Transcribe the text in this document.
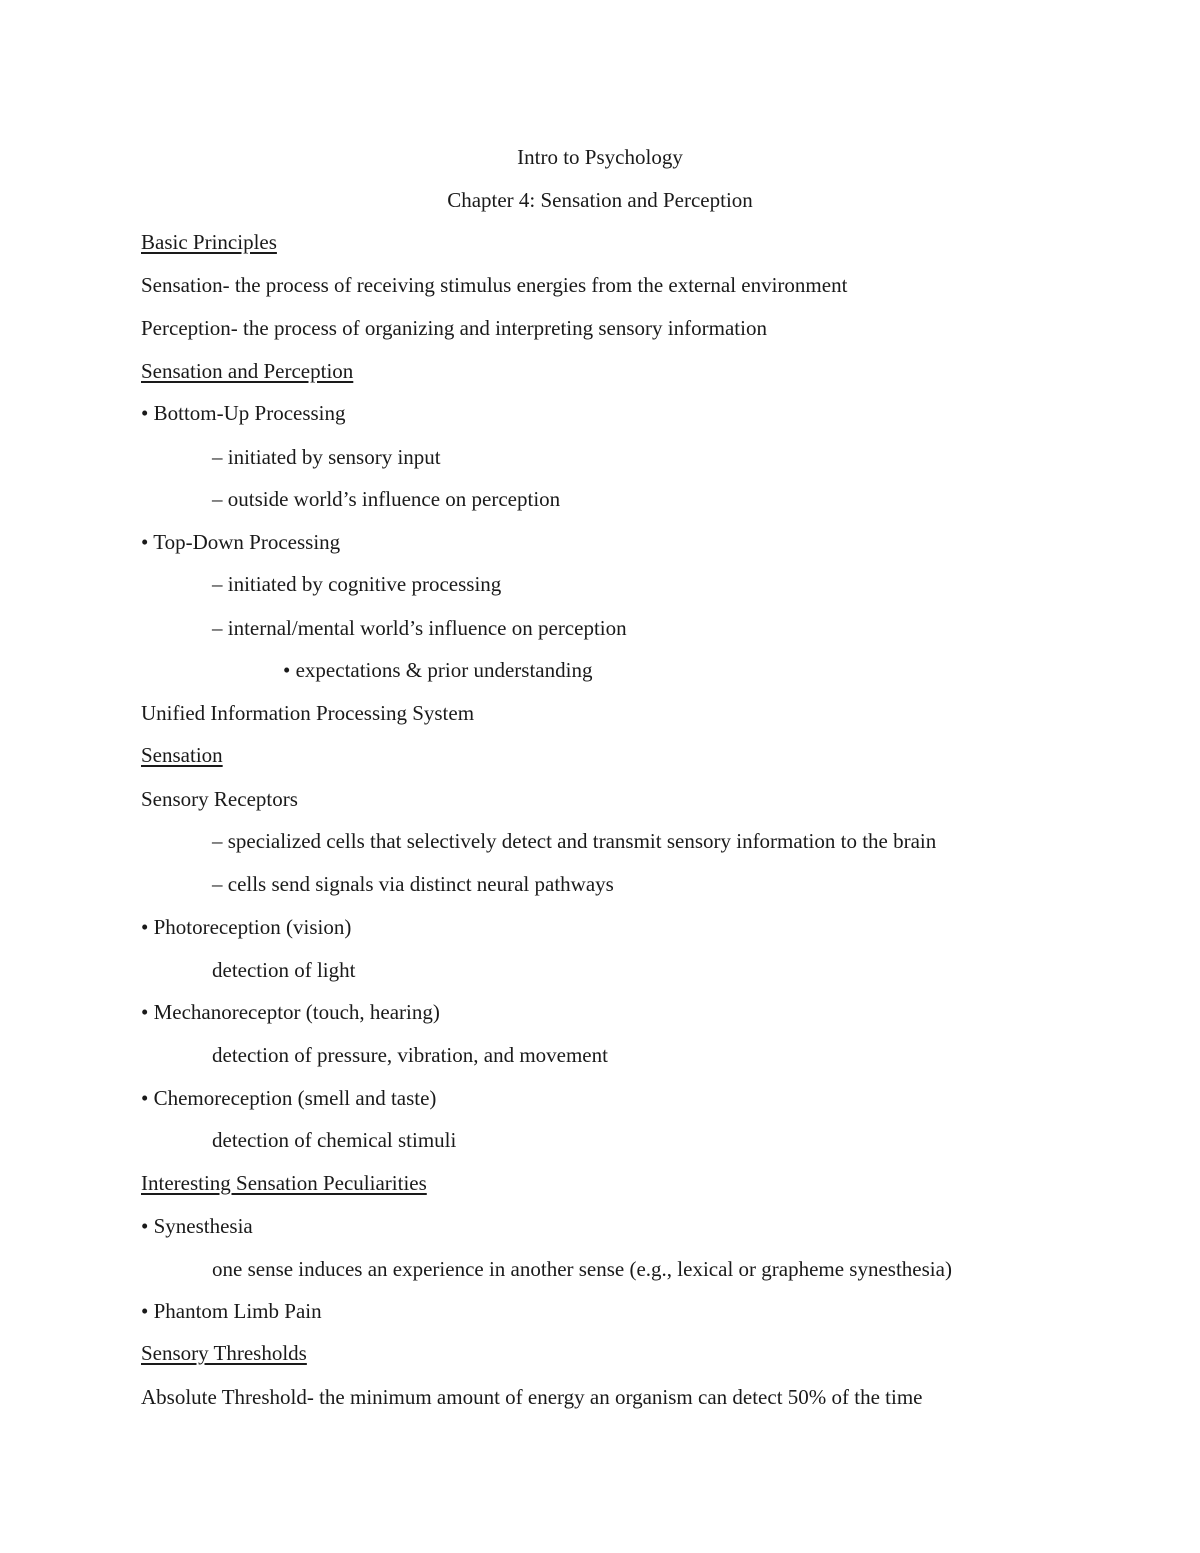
Intro to Psychology
Chapter 4: Sensation and Perception
Basic Principles
Sensation- the process of receiving stimulus energies from the external environment
Perception- the process of organizing and interpreting sensory information
Sensation and Perception
• Bottom-Up Processing
– initiated by sensory input
– outside world’s influence on perception
• Top-Down Processing
– initiated by cognitive processing
– internal/mental world’s influence on perception
• expectations & prior understanding
Unified Information Processing System
Sensation
Sensory Receptors
– specialized cells that selectively detect and transmit sensory information to the brain
– cells send signals via distinct neural pathways
• Photoreception (vision)
detection of light
• Mechanoreceptor (touch, hearing)
detection of pressure, vibration, and movement
• Chemoreception (smell and taste)
detection of chemical stimuli
Interesting Sensation Peculiarities
• Synesthesia
one sense induces an experience in another sense (e.g., lexical or grapheme synesthesia)
• Phantom Limb Pain
Sensory Thresholds
Absolute Threshold- the minimum amount of energy an organism can detect 50% of the time
